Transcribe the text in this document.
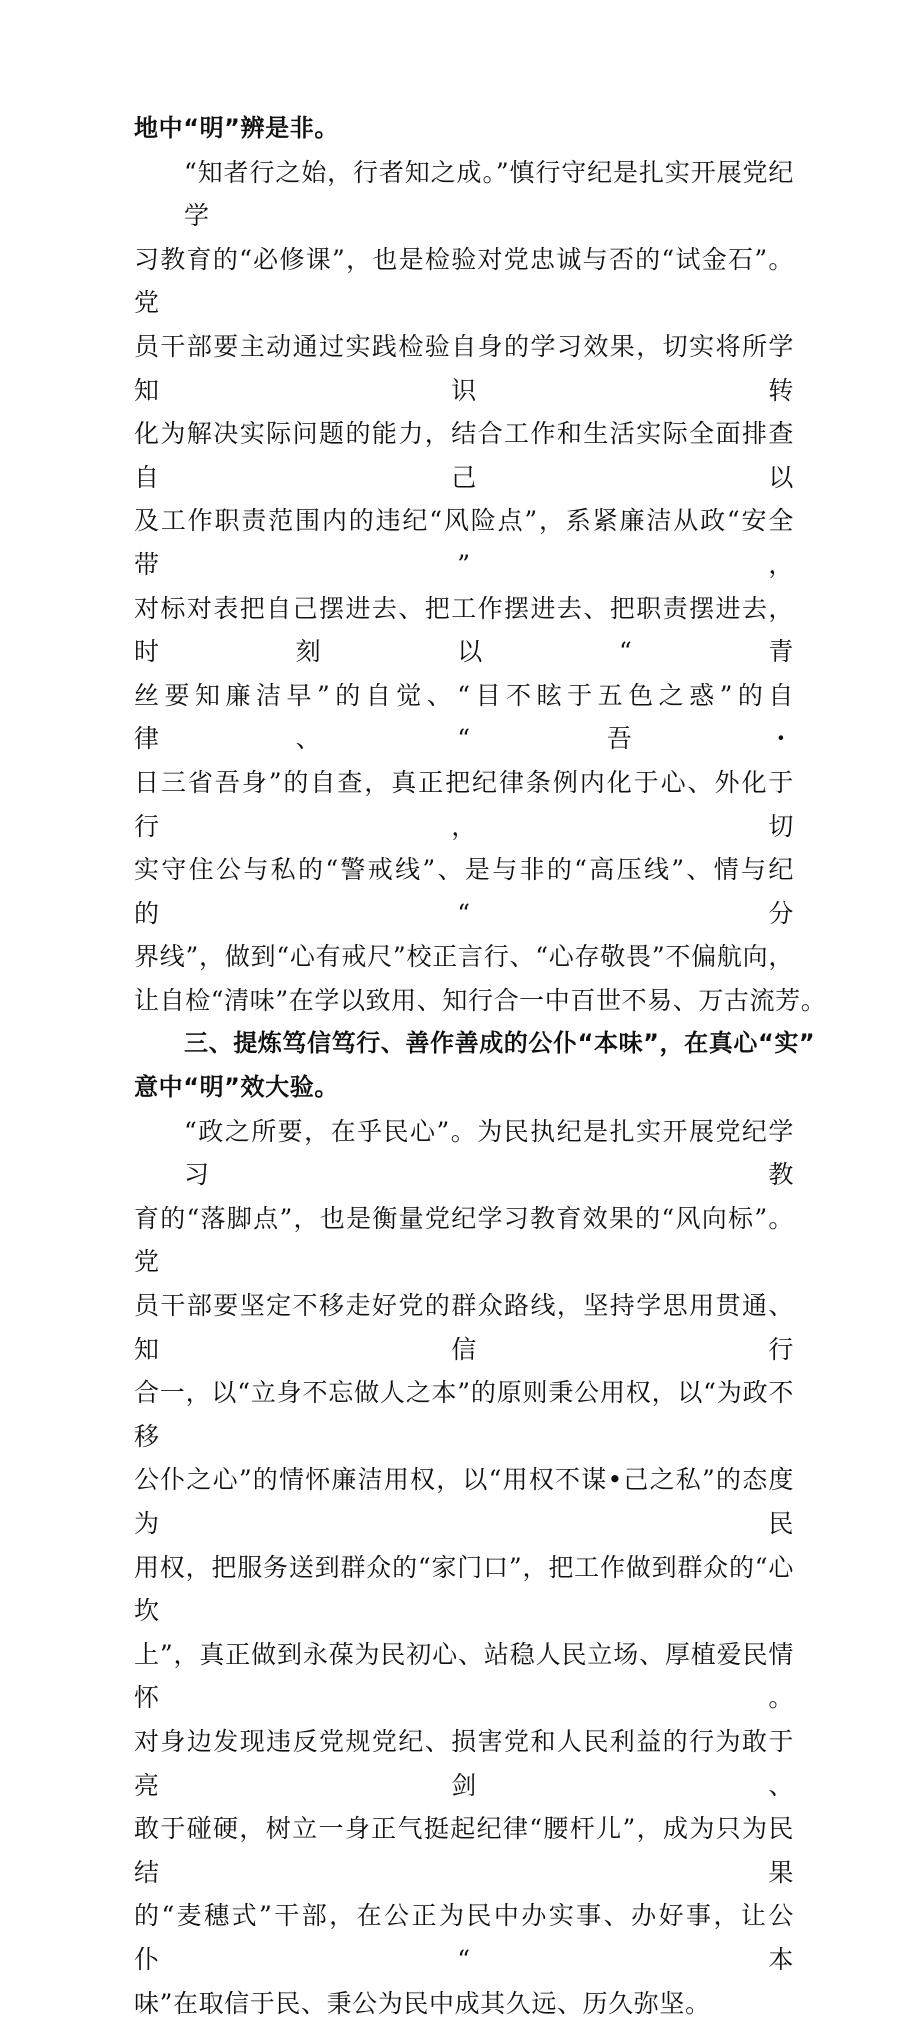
地中“明”辨是非。
“知者行之始，行者知之成。”慎行守纪是扎实开展党纪学
习教育的“必修课”，也是检验对党忠诚与否的“试金石”。党
员干部要主动通过实践检验自身的学习效果，切实将所学知识转
化为解决实际问题的能力，结合工作和生活实际全面排查自己以
及工作职责范围内的违纪“风险点”，系紧廉洁从政“安全带”，
对标对表把自己摆进去、把工作摆进去、把职责摆进去，时刻以“青
丝要知廉洁早”的自觉、“目不眩于五色之惑”的自律、“吾・
日三省吾身”的自查，真正把纪律条例内化于心、外化于行，切
实守住公与私的“警戒线”、是与非的“高压线”、情与纪的“分
界线”，做到“心有戒尺”校正言行、“心存敬畏”不偏航向，
让自检“清味”在学以致用、知行合一中百世不易、万古流芳。
三、提炼笃信笃行、善作善成的公仆“本味”，在真心“实”
意中“明”效大验。
“政之所要，在乎民心”。为民执纪是扎实开展党纪学习教
育的“落脚点”，也是衡量党纪学习教育效果的“风向标”。党
员干部要坚定不移走好党的群众路线，坚持学思用贯通、知信行
合一，以“立身不忘做人之本”的原则秉公用权，以“为政不移
公仆之心”的情怀廉洁用权，以“用权不谋•己之私”的态度为民
用权，把服务送到群众的“家门口”，把工作做到群众的“心坎
上”，真正做到永葆为民初心、站稳人民立场、厚植爱民情怀。
对身边发现违反党规党纪、损害党和人民利益的行为敢于亮剑、
敢于碰硬，树立一身正气挺起纪律“腰杆儿”，成为只为民结果
的“麦穗式”干部，在公正为民中办实事、办好事，让公仆“本
味”在取信于民、秉公为民中成其久远、历久弥坚。
